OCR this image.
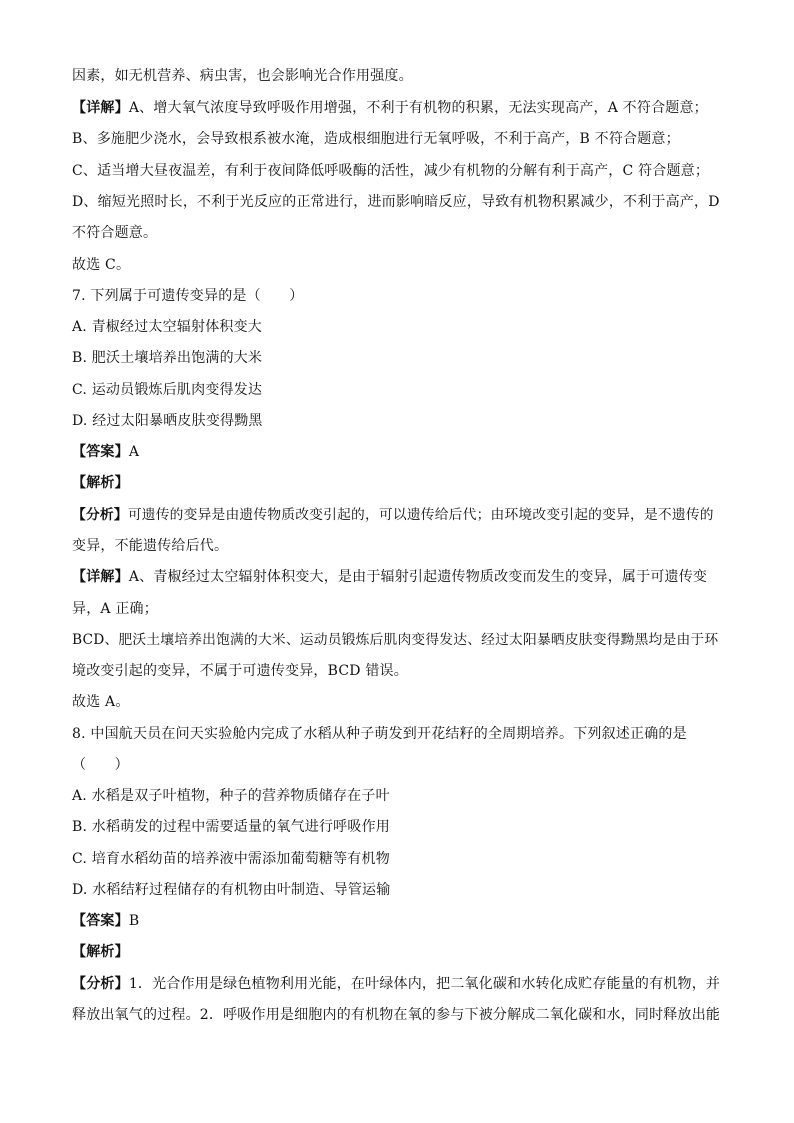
因素，如无机营养、病虫害，也会影响光合作用强度。
【详解】A、增大氧气浓度导致呼吸作用增强，不利于有机物的积累，无法实现高产，A 不符合题意；
B、多施肥少浇水，会导致根系被水淹，造成根细胞进行无氧呼吸，不利于高产，B 不符合题意；
C、适当增大昼夜温差，有利于夜间降低呼吸酶的活性，减少有机物的分解有利于高产，C 符合题意；
D、缩短光照时长，不利于光反应的正常进行，进而影响暗反应，导致有机物积累减少，不利于高产，D
不符合题意。
故选 C。
7. 下列属于可遗传变异的是（　　）
A. 青椒经过太空辐射体积变大
B. 肥沃土壤培养出饱满的大米
C. 运动员锻炼后肌肉变得发达
D. 经过太阳暴晒皮肤变得黝黑
【答案】A
【解析】
【分析】可遗传的变异是由遗传物质改变引起的，可以遗传给后代；由环境改变引起的变异，是不遗传的
变异，不能遗传给后代。
【详解】A、青椒经过太空辐射体积变大，是由于辐射引起遗传物质改变而发生的变异，属于可遗传变
异，A 正确；
BCD、肥沃土壤培养出饱满的大米、运动员锻炼后肌肉变得发达、经过太阳暴晒皮肤变得黝黑均是由于环
境改变引起的变异，不属于可遗传变异，BCD 错误。
故选 A。
8. 中国航天员在问天实验舱内完成了水稻从种子萌发到开花结籽的全周期培养。下列叙述正确的是
（　　）
A. 水稻是双子叶植物，种子的营养物质储存在子叶
B. 水稻萌发的过程中需要适量的氧气进行呼吸作用
C. 培育水稻幼苗的培养液中需添加葡萄糖等有机物
D. 水稻结籽过程储存的有机物由叶制造、导管运输
【答案】B
【解析】
【分析】1．光合作用是绿色植物利用光能，在叶绿体内，把二氧化碳和水转化成贮存能量的有机物，并
释放出氧气的过程。2．呼吸作用是细胞内的有机物在氧的参与下被分解成二氧化碳和水，同时释放出能
